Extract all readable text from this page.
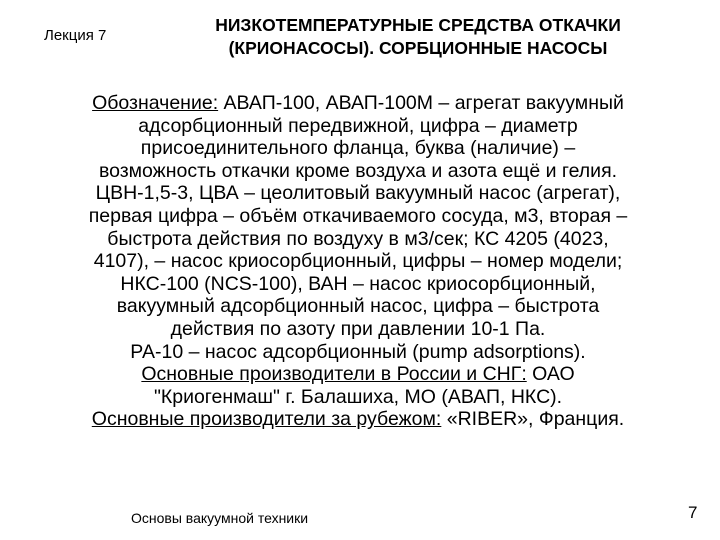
Лекция 7
НИЗКОТЕМПЕРАТУРНЫЕ СРЕДСТВА ОТКАЧКИ
(КРИОНАСОСЫ). СОРБЦИОННЫЕ НАСОСЫ
Обозначение: АВАП-100, АВАП-100М – агрегат вакуумный
адсорбционный передвижной, цифра – диаметр
присоединительного фланца, буква (наличие) –
возможность откачки кроме воздуха и азота ещё и гелия.
ЦВН-1,5-3, ЦВА – цеолитовый вакуумный насос (агрегат),
первая цифра – объём откачиваемого сосуда, м3, вторая –
быстрота действия по воздуху в м3/сек; КС 4205 (4023,
4107), – насос криосорбционный, цифры – номер модели;
НКС-100 (NCS-100), ВАН – насос криосорбционный,
вакуумный адсорбционный насос, цифра – быстрота
действия по азоту при давлении 10-1 Па.
РА-10 – насос адсорбционный (pump adsorptions).
Основные производители в России и СНГ: ОАО
"Криогенмаш" г. Балашиха, МО (АВАП, НКС).
Основные производители за рубежом: «RIBER», Франция.
Основы вакуумной техники	7
